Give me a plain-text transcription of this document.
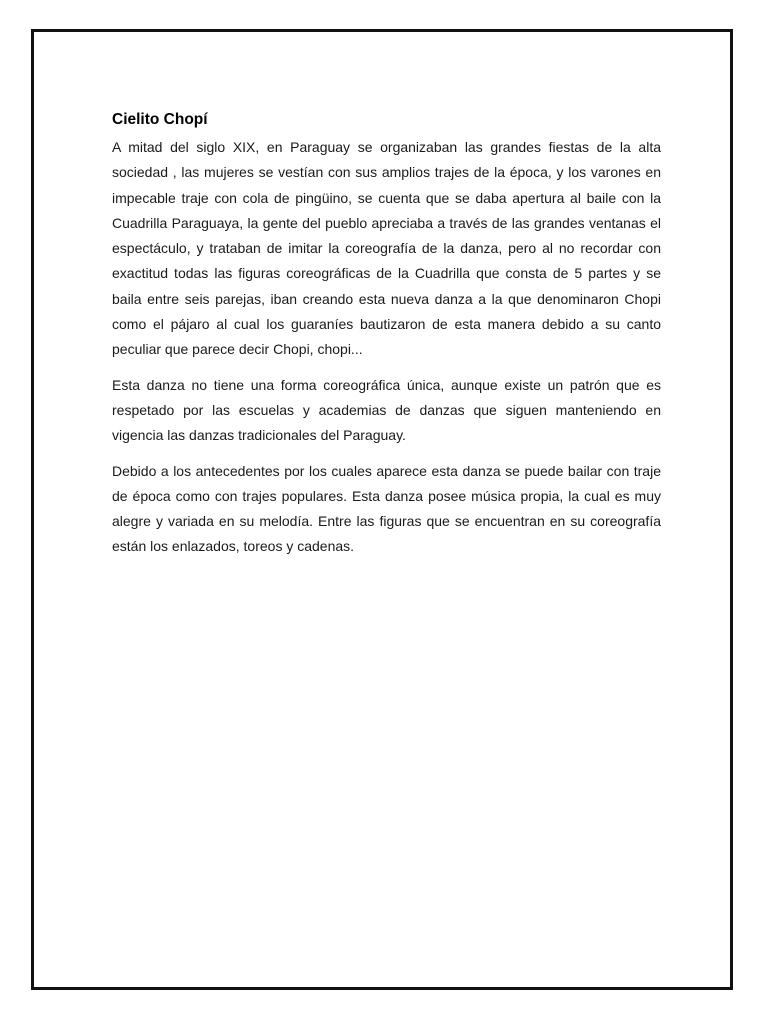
Cielito Chopí

A mitad del siglo XIX, en Paraguay se organizaban las grandes fiestas de la alta sociedad , las mujeres se vestían con sus amplios trajes de la época, y los varones en impecable traje con cola de pingüino, se cuenta que se daba apertura al baile con la Cuadrilla Paraguaya, la gente del pueblo apreciaba a través de las grandes ventanas el espectáculo, y trataban de imitar la coreografía de la danza, pero al no recordar con exactitud todas las figuras coreográficas de la Cuadrilla que consta de 5 partes y se baila entre seis parejas, iban creando esta nueva danza a la que denominaron Chopi como el pájaro al cual los guaraníes bautizaron de esta manera debido a su canto peculiar que parece decir Chopi, chopi...

Esta danza no tiene una forma coreográfica única, aunque existe un patrón que es respetado por las escuelas y academias de danzas que siguen manteniendo en vigencia las danzas tradicionales del Paraguay.

Debido a los antecedentes por los cuales aparece esta danza se puede bailar con traje de época como con trajes populares. Esta danza posee música propia, la cual es muy alegre y variada en su melodía. Entre las figuras que se encuentran en su coreografía están los enlazados, toreos y cadenas.
